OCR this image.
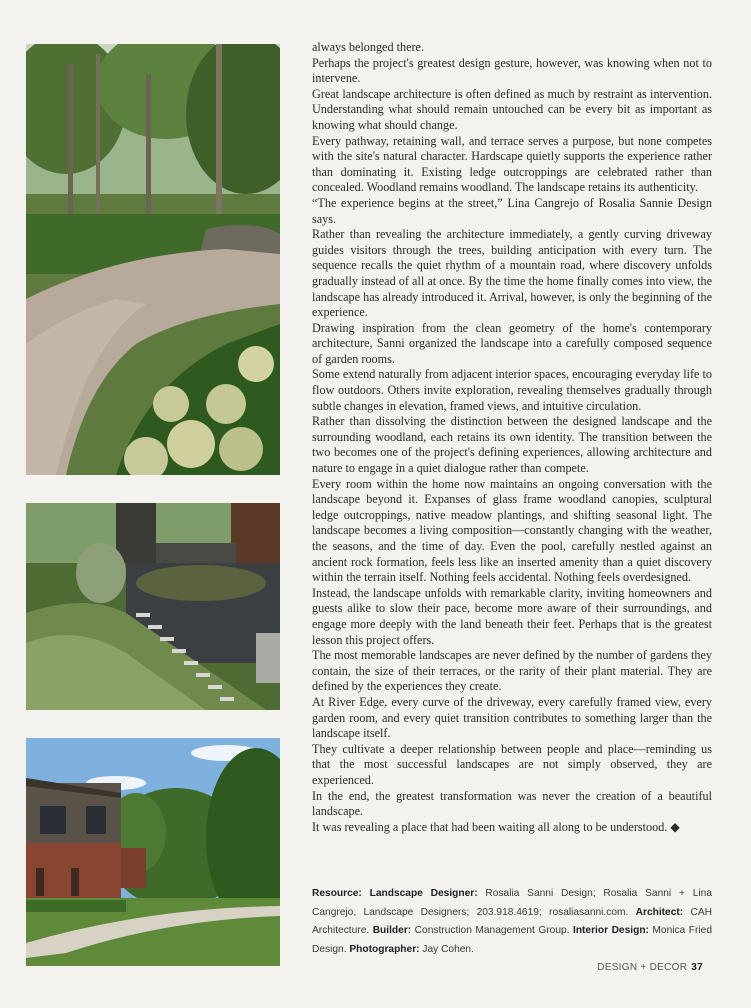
always belonged there.

Perhaps the project's greatest design gesture, however, was knowing when not to intervene.

Great landscape architecture is often defined as much by restraint as intervention. Understanding what should remain untouched can be every bit as important as knowing what should change.

Every pathway, retaining wall, and terrace serves a purpose, but none competes with the site's natural character. Hardscape quietly supports the experience rather than dominating it. Existing ledge outcroppings are celebrated rather than concealed. Woodland remains woodland. The landscape retains its authenticity.

“The experience begins at the street,” Lina Cangrejo of Rosalia Sannie Design says.

Rather than revealing the architecture immediately, a gently curving driveway guides visitors through the trees, building anticipation with every turn. The sequence recalls the quiet rhythm of a mountain road, where discovery unfolds gradually instead of all at once. By the time the home finally comes into view, the landscape has already introduced it. Arrival, however, is only the beginning of the experience.

Drawing inspiration from the clean geometry of the home's contemporary architecture, Sanni organized the landscape into a carefully composed sequence of garden rooms.

Some extend naturally from adjacent interior spaces, encouraging everyday life to flow outdoors. Others invite exploration, revealing themselves gradually through subtle changes in elevation, framed views, and intuitive circulation.

Rather than dissolving the distinction between the designed landscape and the surrounding woodland, each retains its own identity. The transition between the two becomes one of the project's defining experiences, allowing architecture and nature to engage in a quiet dialogue rather than compete.

Every room within the home now maintains an ongoing conversation with the landscape beyond it. Expanses of glass frame woodland canopies, sculptural ledge outcroppings, native meadow plantings, and shifting seasonal light. The landscape becomes a living composition—constantly changing with the weather, the seasons, and the time of day. Even the pool, carefully nestled against an ancient rock formation, feels less like an inserted amenity than a quiet discovery within the terrain itself. Nothing feels accidental. Nothing feels overdesigned.

Instead, the landscape unfolds with remarkable clarity, inviting homeowners and guests alike to slow their pace, become more aware of their surroundings, and engage more deeply with the land beneath their feet. Perhaps that is the greatest lesson this project offers.

The most memorable landscapes are never defined by the number of gardens they contain, the size of their terraces, or the rarity of their plant material. They are defined by the experiences they create.

At River Edge, every curve of the driveway, every carefully framed view, every garden room, and every quiet transition contributes to something larger than the landscape itself.

They cultivate a deeper relationship between people and place—reminding us that the most successful landscapes are not simply observed, they are experienced.

In the end, the greatest transformation was never the creation of a beautiful landscape.

It was revealing a place that had been waiting all along to be understood. ◆

Resource: Landscape Designer: Rosalia Sanni Design; Rosalia Sanni + Lina Cangrejo, Landscape Designers; 203.918.4619; rosaliasanni.com. Architect: CAH Architecture. Builder: Construction Management Group. Interior Design: Monica Fried Design. Photographer: Jay Cohen.
DESIGN + DECOR 37
